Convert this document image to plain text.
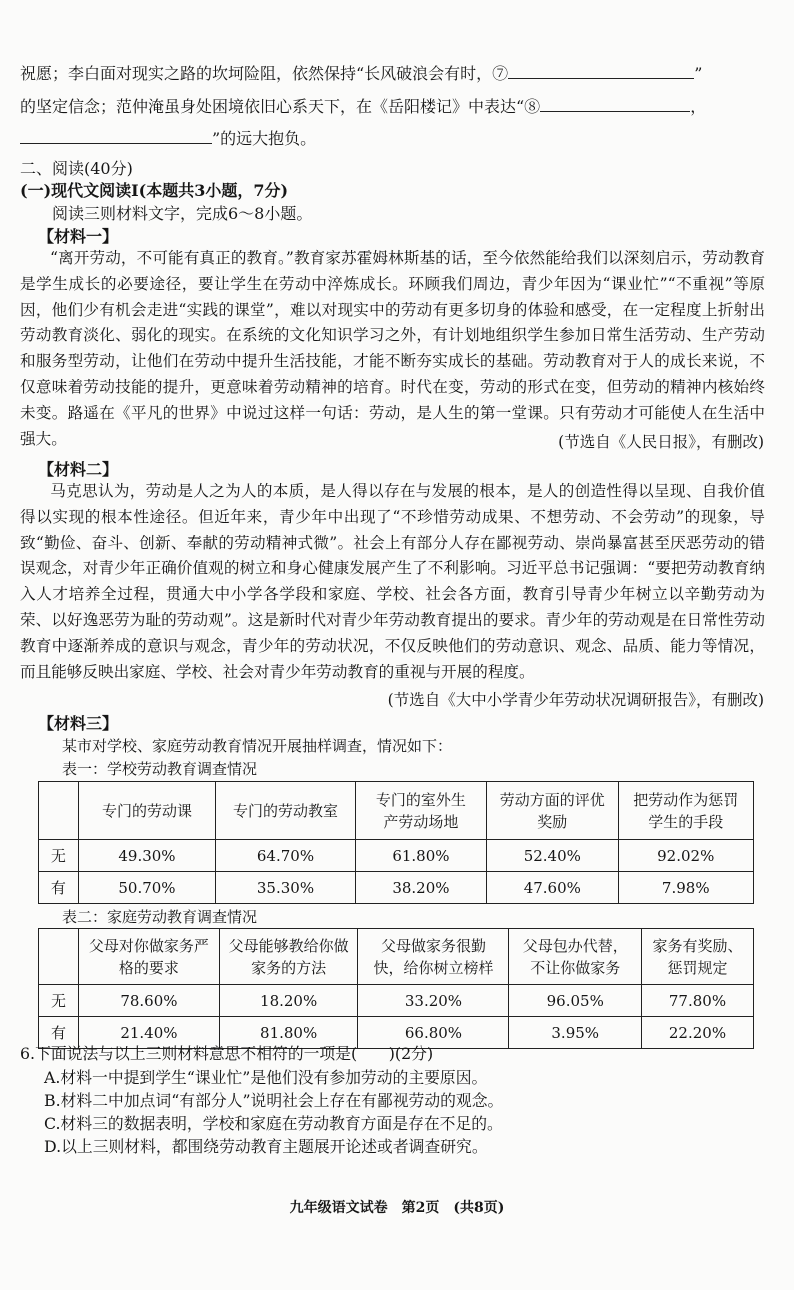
祝愿；李白面对现实之路的坎坷险阻，依然保持“长风破浪会有时，⑦	”
的坚定信念；范仲淹虽身处困境依旧心系天下，在《岳阳楼记》中表达“⑧	，
”的远大抱负。
二、阅读(40分)
(一)现代文阅读Ⅰ(本题共3小题，7分)
阅读三则材料文字，完成6～8小题。
【材料一】
“离开劳动，不可能有真正的教育。”教育家苏霍姆林斯基的话，至今依然能给我们以深刻启示，劳动教育是学生成长的必要途径，要让学生在劳动中淬炼成长。环顾我们周边，青少年因为“课业忙”“不重视”等原因，他们少有机会走进“实践的课堂”，难以对现实中的劳动有更多切身的体验和感受，在一定程度上折射出劳动教育淡化、弱化的现实。在系统的文化知识学习之外，有计划地组织学生参加日常生活劳动、生产劳动和服务型劳动，让他们在劳动中提升生活技能，才能不断夯实成长的基础。劳动教育对于人的成长来说，不仅意味着劳动技能的提升，更意味着劳动精神的培育。时代在变，劳动的形式在变，但劳动的精神内核始终未变。路遥在《平凡的世界》中说过这样一句话：劳动，是人生的第一堂课。只有劳动才可能使人在生活中强大。	(节选自《人民日报》，有删改)
【材料二】
马克思认为，劳动是人之为人的本质，是人得以存在与发展的根本，是人的创造性得以呈现、自我价值得以实现的根本性途径。但近年来，青少年中出现了“不珍惜劳动成果、不想劳动、不会劳动”的现象，导致“勤俭、奋斗、创新、奉献的劳动精神式微”。社会上有部分人存在鄙视劳动、崇尚暴富甚至厌恶劳动的错误观念，对青少年正确价值观的树立和身心健康发展产生了不利影响。习近平总书记强调：“要把劳动教育纳入人才培养全过程，贯通大中小学各学段和家庭、学校、社会各方面，教育引导青少年树立以辛勤劳动为荣、以好逸恶劳为耻的劳动观”。这是新时代对青少年劳动教育提出的要求。青少年的劳动观是在日常性劳动教育中逐渐养成的意识与观念，青少年的劳动状况，不仅反映他们的劳动意识、观念、品质、能力等情况，而且能够反映出家庭、学校、社会对青少年劳动教育的重视与开展的程度。
(节选自《大中小学青少年劳动状况调研报告》，有删改)
【材料三】
某市对学校、家庭劳动教育情况开展抽样调查，情况如下：
表一：学校劳动教育调查情况
	专门的劳动课	专门的劳动教室	专门的室外生产劳动场地	劳动方面的评优奖励	把劳动作为惩罚学生的手段
无	49.30%	64.70%	61.80%	52.40%	92.02%
有	50.70%	35.30%	38.20%	47.60%	7.98%
表二：家庭劳动教育调查情况
	父母对你做家务严格的要求	父母能够教给你做家务的方法	父母做家务很勤快，给你树立榜样	父母包办代替，不让你做家务	家务有奖励、惩罚规定
无	78.60%	18.20%	33.20%	96.05%	77.80%
有	21.40%	81.80%	66.80%	3.95%	22.20%
6.下面说法与以上三则材料意思不相符的一项是(　　)(2分)
A.材料一中提到学生“课业忙”是他们没有参加劳动的主要原因。
B.材料二中加点词“有部分人”说明社会上存在有鄙视劳动的观念。
C.材料三的数据表明，学校和家庭在劳动教育方面是存在不足的。
D.以上三则材料，都围绕劳动教育主题展开论述或者调查研究。
九年级语文试卷　第2页　(共8页)
